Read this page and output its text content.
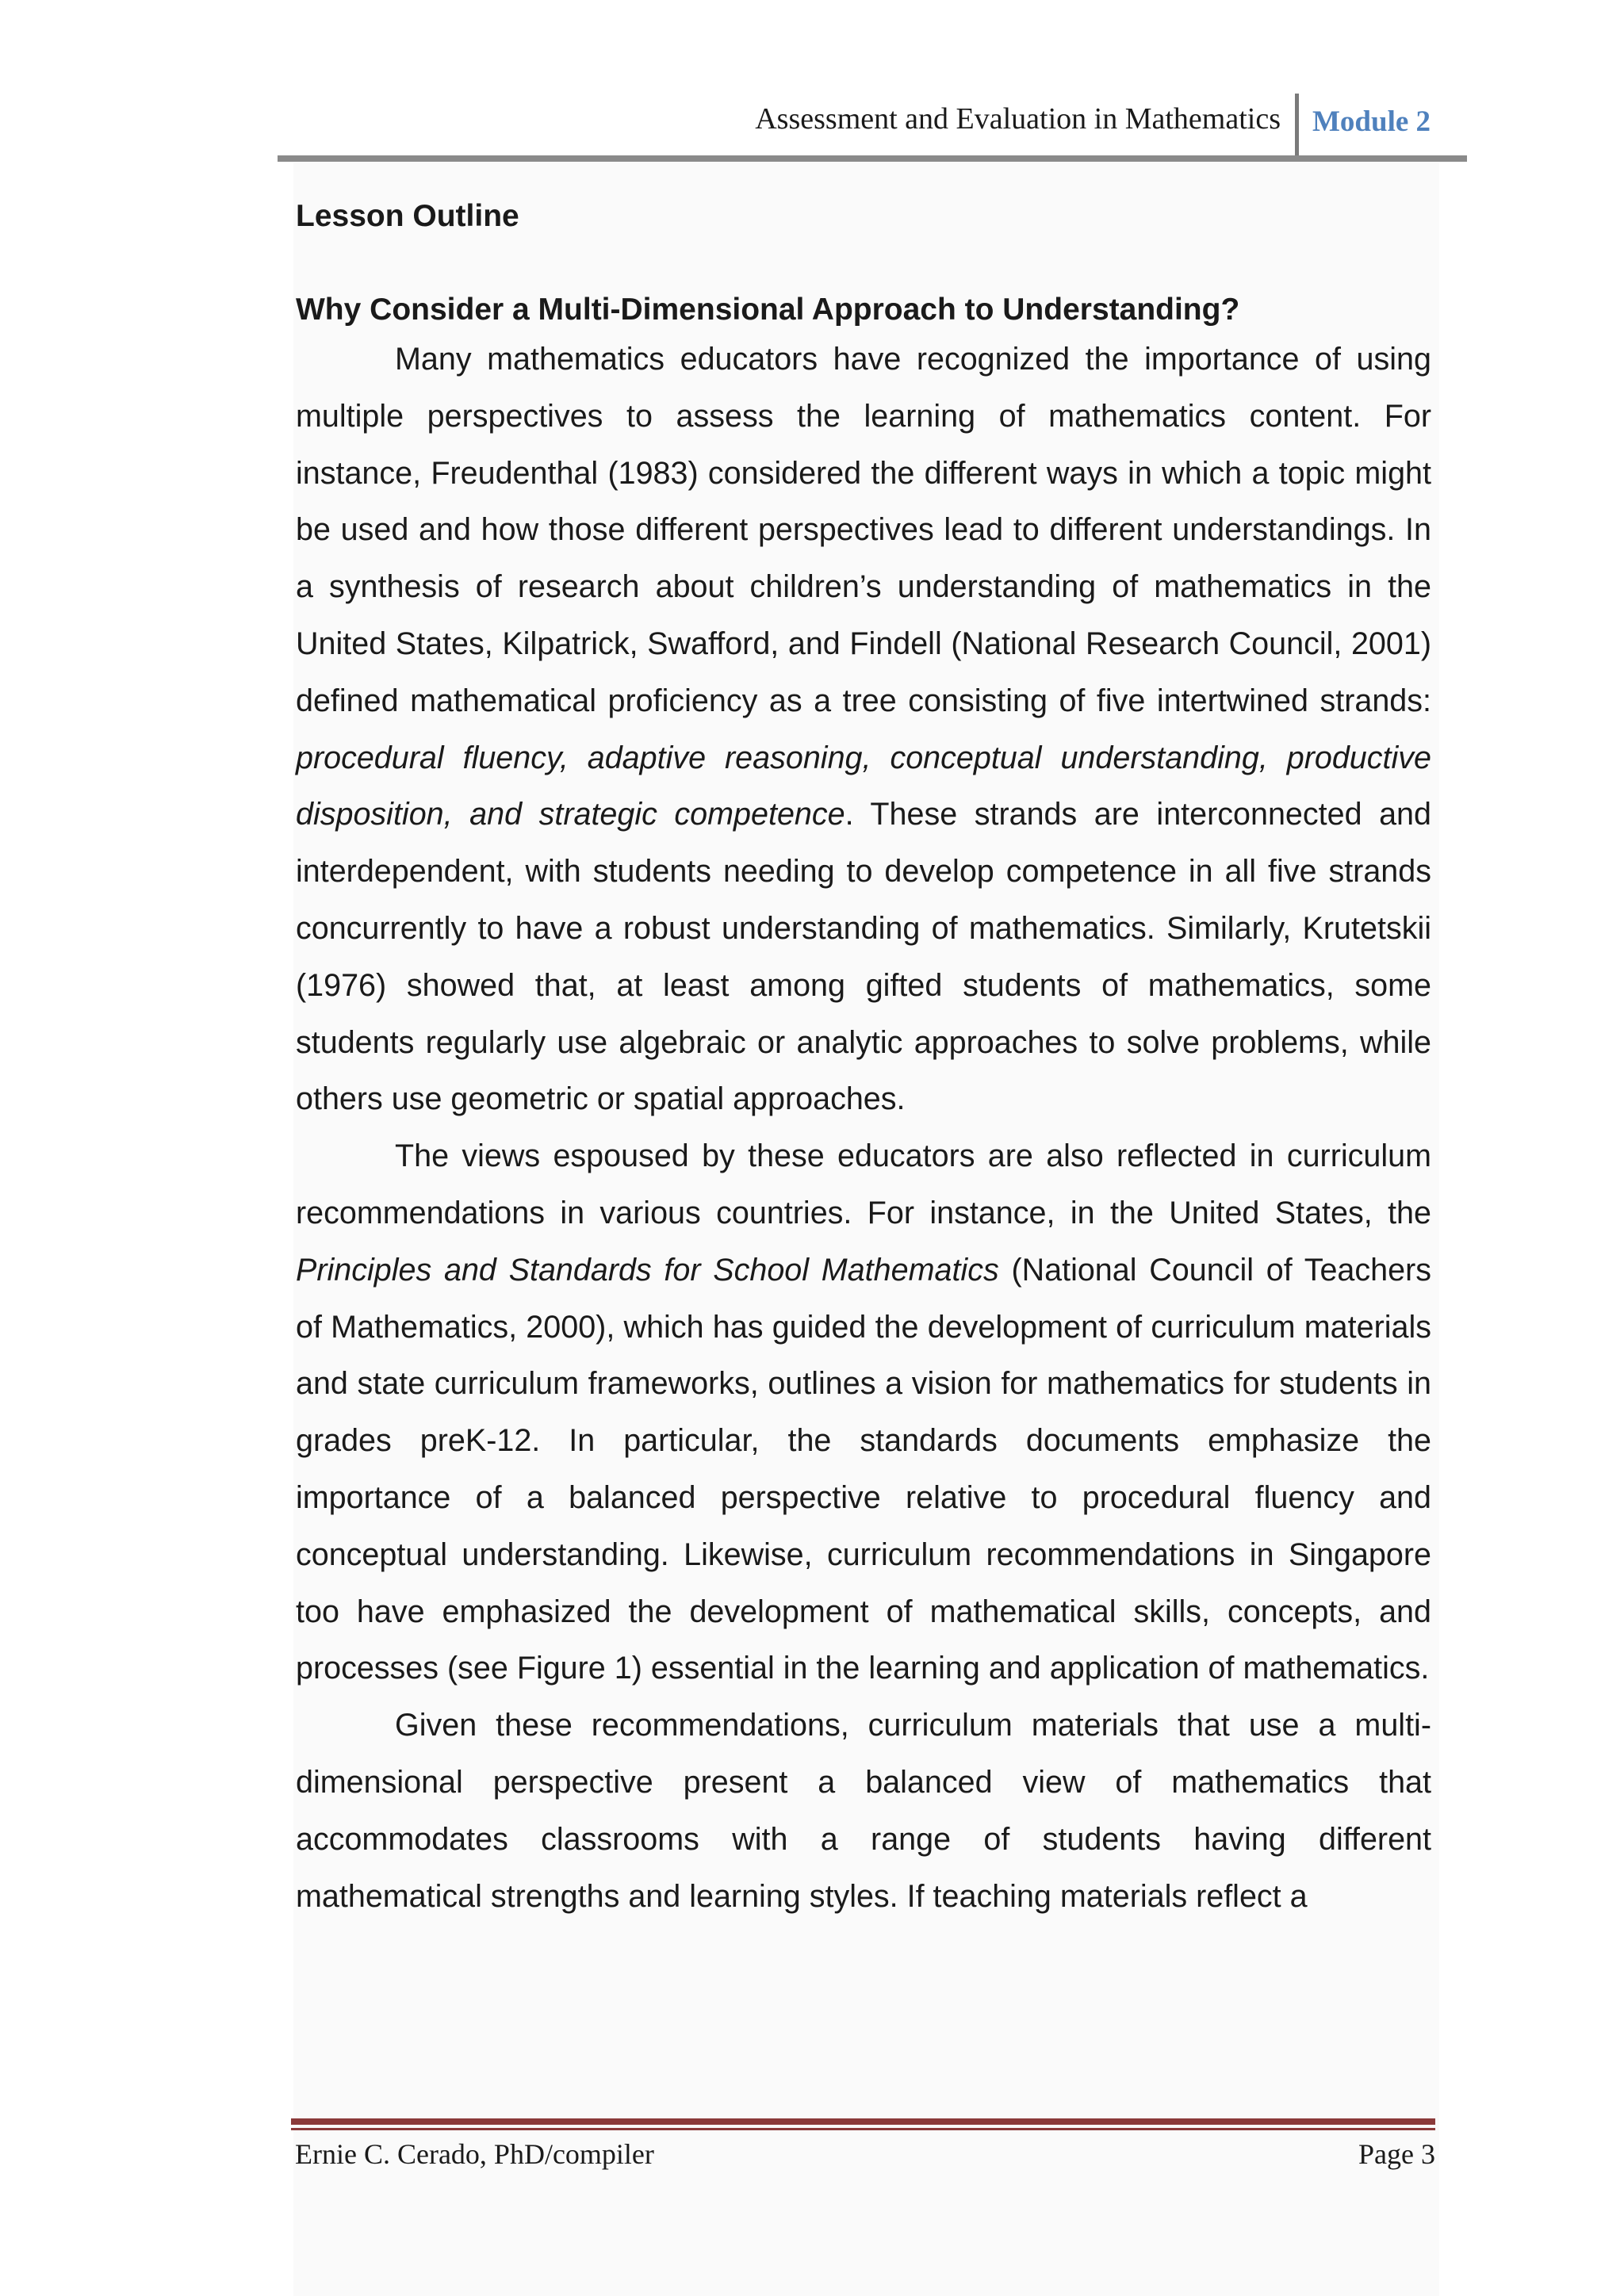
Assessment and Evaluation in Mathematics Module 2
Lesson Outline
Why Consider a Multi-Dimensional Approach to Understanding?

Many mathematics educators have recognized the importance of using multiple perspectives to assess the learning of mathematics content. For instance, Freudenthal (1983) considered the different ways in which a topic might be used and how those different perspectives lead to different understandings. In a synthesis of research about children’s understanding of mathematics in the United States, Kilpatrick, Swafford, and Findell (National Research Council, 2001) defined mathematical proficiency as a tree consisting of five intertwined strands: procedural fluency, adaptive reasoning, conceptual understanding, productive disposition, and strategic competence. These strands are interconnected and interdependent, with students needing to develop competence in all five strands concurrently to have a robust understanding of mathematics. Similarly, Krutetskii (1976) showed that, at least among gifted students of mathematics, some students regularly use algebraic or analytic approaches to solve problems, while others use geometric or spatial approaches.

The views espoused by these educators are also reflected in curriculum recommendations in various countries. For instance, in the United States, the Principles and Standards for School Mathematics (National Council of Teachers of Mathematics, 2000), which has guided the development of curriculum materials and state curriculum frameworks, outlines a vision for mathematics for students in grades preK-12. In particular, the standards documents emphasize the importance of a balanced perspective relative to procedural fluency and conceptual understanding. Likewise, curriculum recommendations in Singapore too have emphasized the development of mathematical skills, concepts, and processes (see Figure 1) essential in the learning and application of mathematics.

Given these recommendations, curriculum materials that use a multi-dimensional perspective present a balanced view of mathematics that accommodates classrooms with a range of students having different mathematical strengths and learning styles. If teaching materials reflect a

Ernie C. Cerado, PhD/compiler	Page 3
